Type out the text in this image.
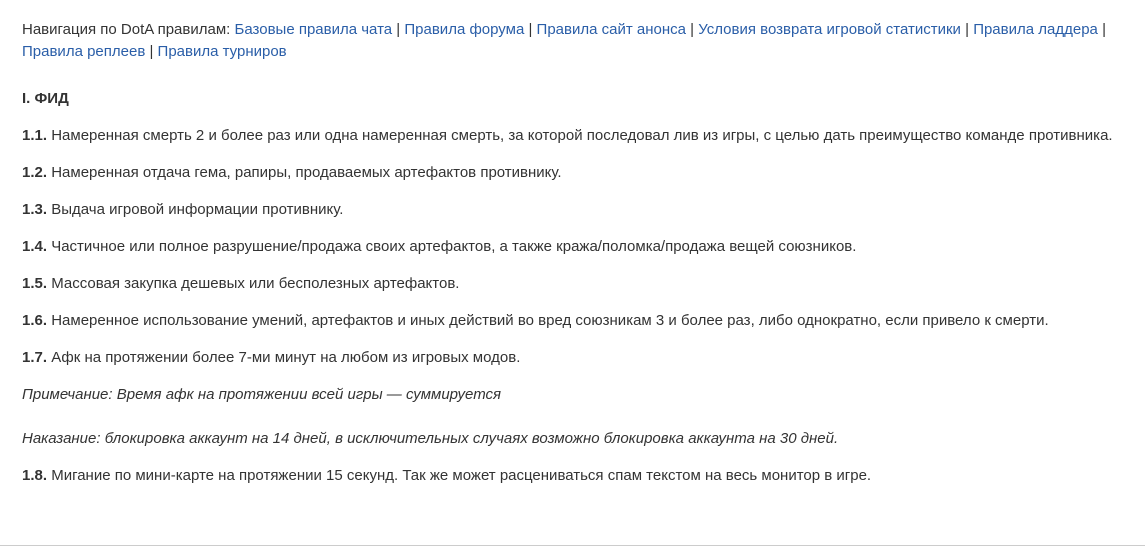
Навигация по DotA правилам: Базовые правила чата | Правила форума | Правила сайт анонса | Условия возврата игровой статистики | Правила ладдера | Правила реплеев | Правила турниров

I. ФИД

1.1. Намеренная смерть 2 и более раз или одна намеренная смерть, за которой последовал лив из игры, с целью дать преимущество команде противника.

1.2. Намеренная отдача гема, рапиры, продаваемых артефактов противнику.

1.3. Выдача игровой информации противнику.

1.4. Частичное или полное разрушение/продажа своих артефактов, а также кража/поломка/продажа вещей союзников.

1.5. Массовая закупка дешевых или бесполезных артефактов.

1.6. Намеренное использование умений, артефактов и иных действий во вред союзникам 3 и более раз, либо однократно, если привело к смерти.

1.7. Афк на протяжении более 7-ми минут на любом из игровых модов.

Примечание: Время афк на протяжении всей игры — суммируется

Наказание: блокировка аккаунт на 14 дней, в исключительных случаях возможно блокировка аккаунта на 30 дней.

1.8. Мигание по мини-карте на протяжении 15 секунд. Так же может расцениваться спам текстом на весь монитор в игре.
